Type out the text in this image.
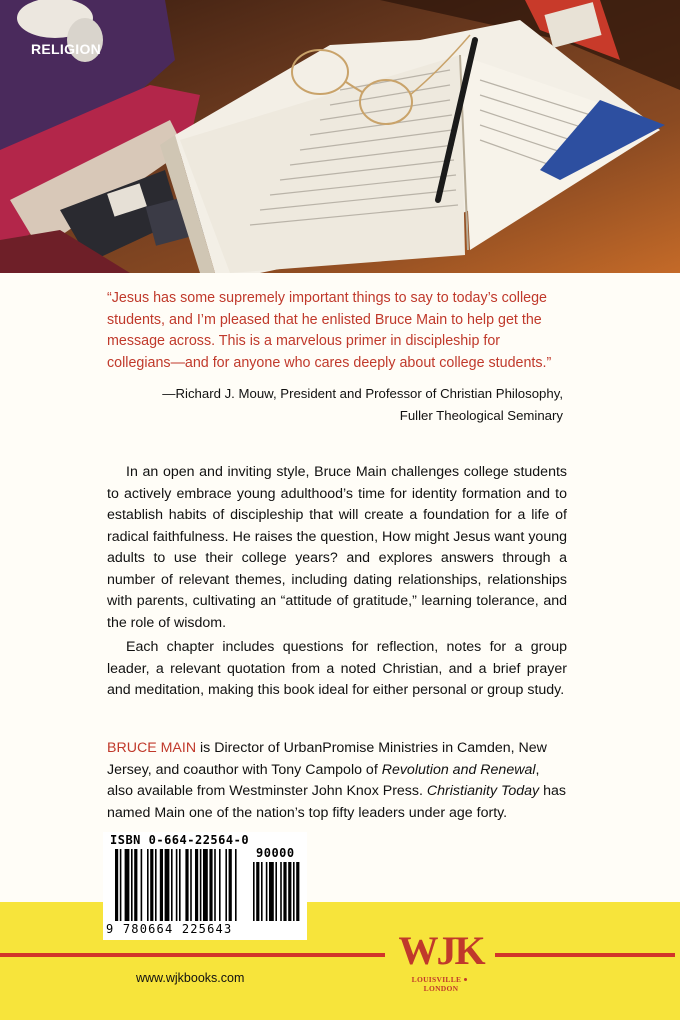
RELIGION

“Jesus has some supremely important things to say to today’s college students, and I’m pleased that he enlisted Bruce Main to help get the message across. This is a marvelous primer in discipleship for collegians—and for anyone who cares deeply about college students.”

—Richard J. Mouw, President and Professor of Christian Philosophy,
Fuller Theological Seminary

In an open and inviting style, Bruce Main challenges college students to actively embrace young adulthood’s time for identity formation and to establish habits of discipleship that will create a foundation for a life of radical faithfulness. He raises the question, How might Jesus want young adults to use their college years? and explores answers through a number of relevant themes, including dating relationships, relationships with parents, cultivating an “attitude of gratitude,” learning tolerance, and the role of wisdom.

Each chapter includes questions for reflection, notes for a group leader, a relevant quotation from a noted Christian, and a brief prayer and meditation, making this book ideal for either personal or group study.

BRUCE MAIN is Director of UrbanPromise Ministries in Camden, New Jersey, and coauthor with Tony Campolo of Revolution and Renewal, also available from Westminster John Knox Press. Christianity Today has named Main one of the nation’s top fifty leaders under age forty.

www.wjkbooks.com
WJK
LOUISVILLELONDON
ISBN 0-664-22564-0
90000
9 780664 225643
